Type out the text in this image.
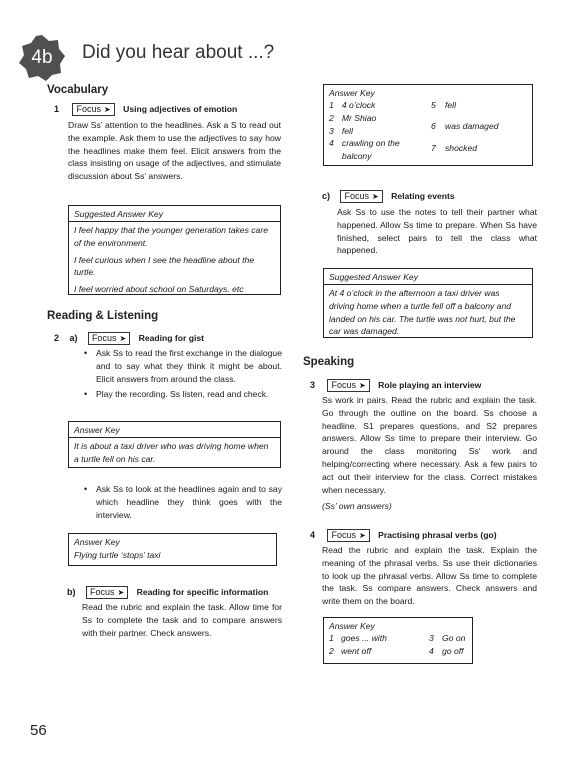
4b	Did you hear about ...?
Vocabulary
1 Focus ➤ Using adjectives of emotion
Draw Ss’ attention to the headlines. Ask a S to read out the example. Ask them to use the adjectives to say how the headlines make them feel. Elicit answers from the class insisting on usage of the adjectives, and stimulate discussion about Ss’ answers.
Suggested Answer Key

I feel happy that the younger generation takes care of the environment.

I feel curious when I see the headline about the turtle.

I feel worried about school on Saturdays. etc

Reading & Listening
2 a) Focus ➤ Reading for gist
• Ask Ss to read the first exchange in the dialogue and to say what they think it might be about. Elicit answers from around the class.
• Play the recording. Ss listen, read and check.
Answer Key
It is about a taxi driver who was driving home when a turtle fell on his car.
• Ask Ss to look at the headlines again and to say which headline they think goes with the interview.
Answer Key
Flying turtle ‘stops’ taxi
b) Focus ➤ Reading for specific information
Read the rubric and explain the task. Allow time for Ss to complete the task and to compare answers with their partner. Check answers.
Answer Key
1	4 o’clock
2	Mr Shiao
3	fell
4	crawling on the balcony
5	fell
6	was damaged
7	shocked
c) Focus ➤ Relating events
Ask Ss to use the notes to tell their partner what happened. Allow Ss time to prepare. When Ss have finished, select pairs to tell the class what happened.
Suggested Answer Key
At 4 o’clock in the afternoon a taxi driver was driving home when a turtle fell off a balcony and landed on his car. The turtle was not hurt, but the car was damaged.
Speaking
3 Focus ➤ Role playing an interview
Ss work in pairs. Read the rubric and explain the task. Go through the outline on the board. Ss choose a headline. S1 prepares questions, and S2 prepares answers. Allow Ss time to prepare their interview. Go around the class monitoring Ss’ work and helping/correcting where necessary. Ask a few pairs to act out their interview for the class. Correct mistakes when necessary.
(Ss’ own answers)
4 Focus ➤ Practising phrasal verbs (go)
Read the rubric and explain the task. Explain the meaning of the phrasal verbs. Ss use their dictionaries to look up the phrasal verbs. Allow Ss time to complete the task. Ss compare answers. Check answers and write them on the board.
Answer Key
1	goes ... with
2	went off
3	Go on
4	go off
56
